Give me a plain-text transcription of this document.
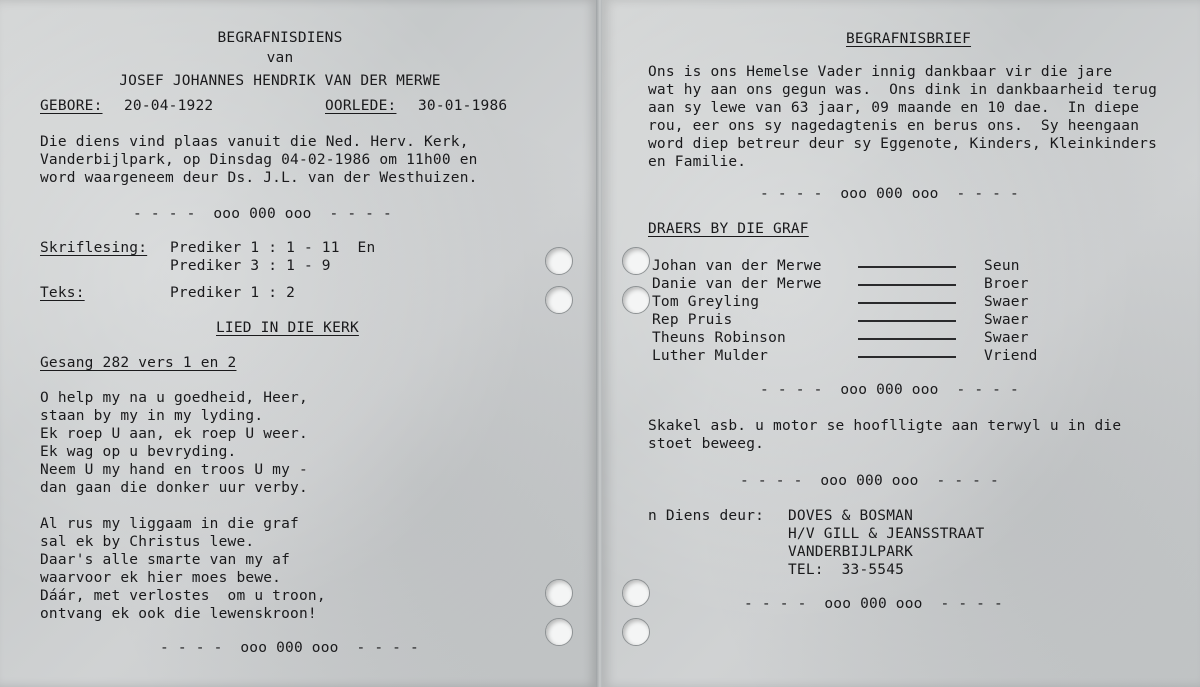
BEGRAFNISDIENS
van
JOSEF JOHANNES HENDRIK VAN DER MERWE
GEBORE: 20-04-1922	OORLEDE: 30-01-1986
Die diens vind plaas vanuit die Ned. Herv. Kerk,
Vanderbijlpark, op Dinsdag 04-02-1986 om 11h00 en
word waargeneem deur Ds. J.L. van der Westhuizen.
- - - -  ooo 000 ooo  - - - -
Skriflesing: Prediker 1 : 1 - 11  En
Prediker 3 : 1 - 9
Teks:	Prediker 1 : 2
LIED IN DIE KERK
Gesang 282 vers 1 en 2
O help my na u goedheid, Heer,
staan by my in my lyding.
Ek roep U aan, ek roep U weer.
Ek wag op u bevryding.
Neem U my hand en troos U my -
dan gaan die donker uur verby.
Al rus my liggaam in die graf
sal ek by Christus lewe.
Daar's alle smarte van my af
waarvoor ek hier moes bewe.
Dáár, met verlostes  om u troon,
ontvang ek ook die lewenskroon!
- - - -  ooo 000 ooo  - - - -
BEGRAFNISBRIEF
Ons is ons Hemelse Vader innig dankbaar vir die jare
wat hy aan ons gegun was.  Ons dink in dankbaarheid terug
aan sy lewe van 63 jaar, 09 maande en 10 dae.  In diepe
rou, eer ons sy nagedagtenis en berus ons.  Sy heengaan
word diep betreur deur sy Eggenote, Kinders, Kleinkinders
en Familie.
- - - -  ooo 000 ooo  - - - -
DRAERS BY DIE GRAF
Johan van der Merwe	Seun
Danie van der Merwe	Broer
Tom Greyling	Swaer
Rep Pruis	Swaer
Theuns Robinson	Swaer
Luther Mulder	Vriend
- - - -  ooo 000 ooo  - - - -
Skakel asb. u motor se hooflligte aan terwyl u in die
stoet beweeg.
- - - -  ooo 000 ooo  - - - -
n Diens deur: DOVES & BOSMAN
H/V GILL & JEANSSTRAAT
VANDERBIJLPARK
TEL:  33-5545
- - - -  ooo 000 ooo  - - - -
